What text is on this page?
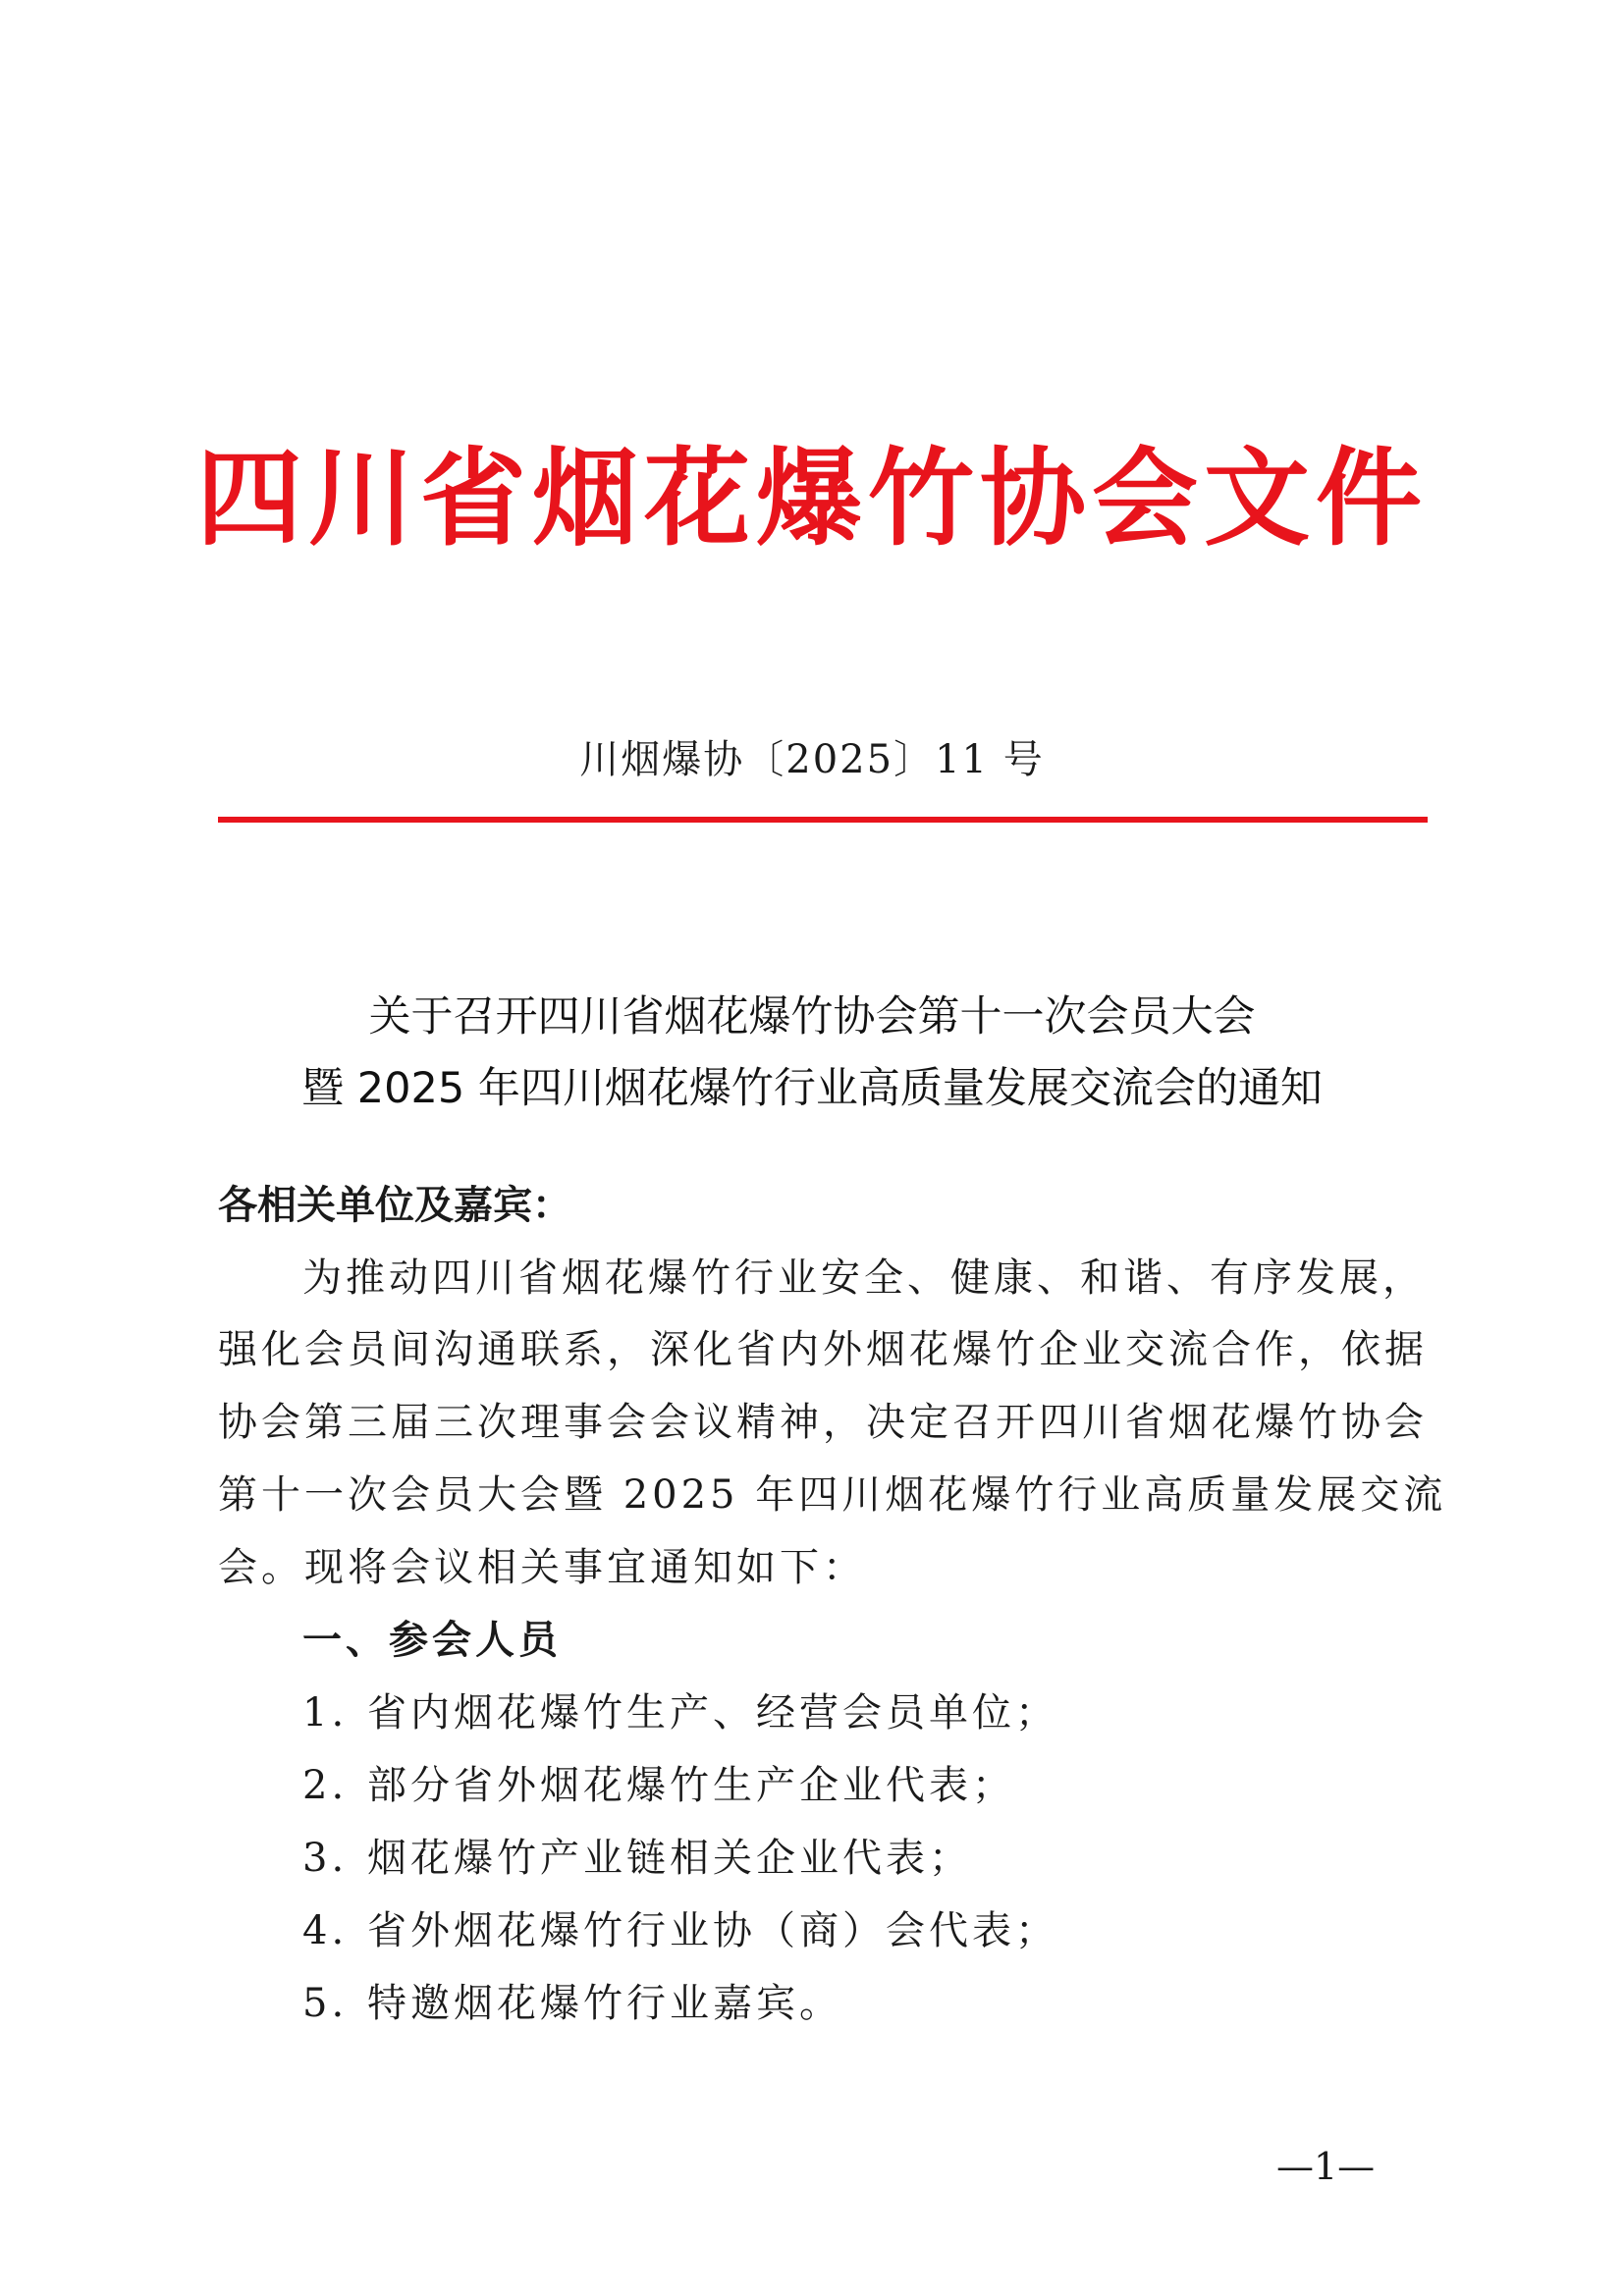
四川省烟花爆竹协会文件
川烟爆协〔2025〕11 号
关于召开四川省烟花爆竹协会第十一次会员大会
暨 2025 年四川烟花爆竹行业高质量发展交流会的通知
各相关单位及嘉宾：
为推动四川省烟花爆竹行业安全、健康、和谐、有序发展，
强化会员间沟通联系，深化省内外烟花爆竹企业交流合作，依据
协会第三届三次理事会会议精神，决定召开四川省烟花爆竹协会
第十一次会员大会暨 2025 年四川烟花爆竹行业高质量发展交流
会。现将会议相关事宜通知如下：
一、参会人员
1. 省内烟花爆竹生产、经营会员单位；
2. 部分省外烟花爆竹生产企业代表；
3. 烟花爆竹产业链相关企业代表；
4. 省外烟花爆竹行业协（商）会代表；
5. 特邀烟花爆竹行业嘉宾。
—1—
